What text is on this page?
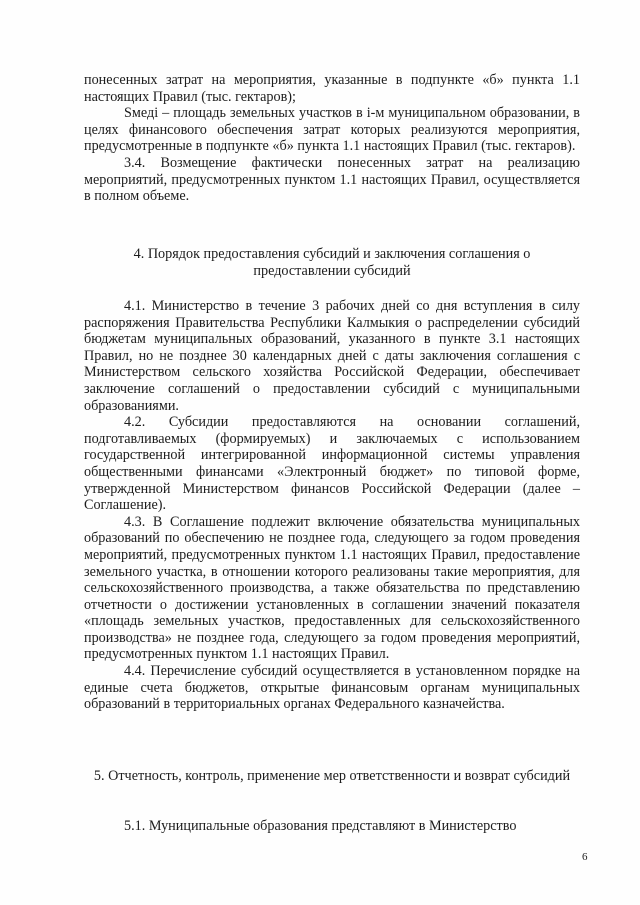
понесенных затрат на мероприятия, указанные в подпункте «б» пункта 1.1 настоящих Правил (тыс. гектаров);

Sмеді – площадь земельных участков в i-м муниципальном образовании, в целях финансового обеспечения затрат которых реализуются мероприятия, предусмотренные в подпункте «б» пункта 1.1 настоящих Правил (тыс. гектаров).

3.4. Возмещение фактически понесенных затрат на реализацию мероприятий, предусмотренных пунктом 1.1 настоящих Правил, осуществляется в полном объеме.

4. Порядок предоставления субсидий и заключения соглашения о предоставлении субсидий

4.1. Министерство в течение 3 рабочих дней со дня вступления в силу распоряжения Правительства Республики Калмыкия о распределении субсидий бюджетам муниципальных образований, указанного в пункте 3.1 настоящих Правил, но не позднее 30 календарных дней с даты заключения соглашения с Министерством сельского хозяйства Российской Федерации, обеспечивает заключение соглашений о предоставлении субсидий с муниципальными образованиями.

4.2. Субсидии предоставляются на основании соглашений, подготавливаемых (формируемых) и заключаемых с использованием государственной интегрированной информационной системы управления общественными финансами «Электронный бюджет» по типовой форме, утвержденной Министерством финансов Российской Федерации (далее – Соглашение).

4.3. В Соглашение подлежит включение обязательства муниципальных образований по обеспечению не позднее года, следующего за годом проведения мероприятий, предусмотренных пунктом 1.1 настоящих Правил, предоставление земельного участка, в отношении которого реализованы такие мероприятия, для сельскохозяйственного производства, а также обязательства по представлению отчетности о достижении установленных в соглашении значений показателя «площадь земельных участков, предоставленных для сельскохозяйственного производства» не позднее года, следующего за годом проведения мероприятий, предусмотренных пунктом 1.1 настоящих Правил.

4.4. Перечисление субсидий осуществляется в установленном порядке на единые счета бюджетов, открытые финансовым органам муниципальных образований в территориальных органах Федерального казначейства.

5. Отчетность, контроль, применение мер ответственности и возврат субсидий

5.1. Муниципальные образования представляют в Министерство

6
